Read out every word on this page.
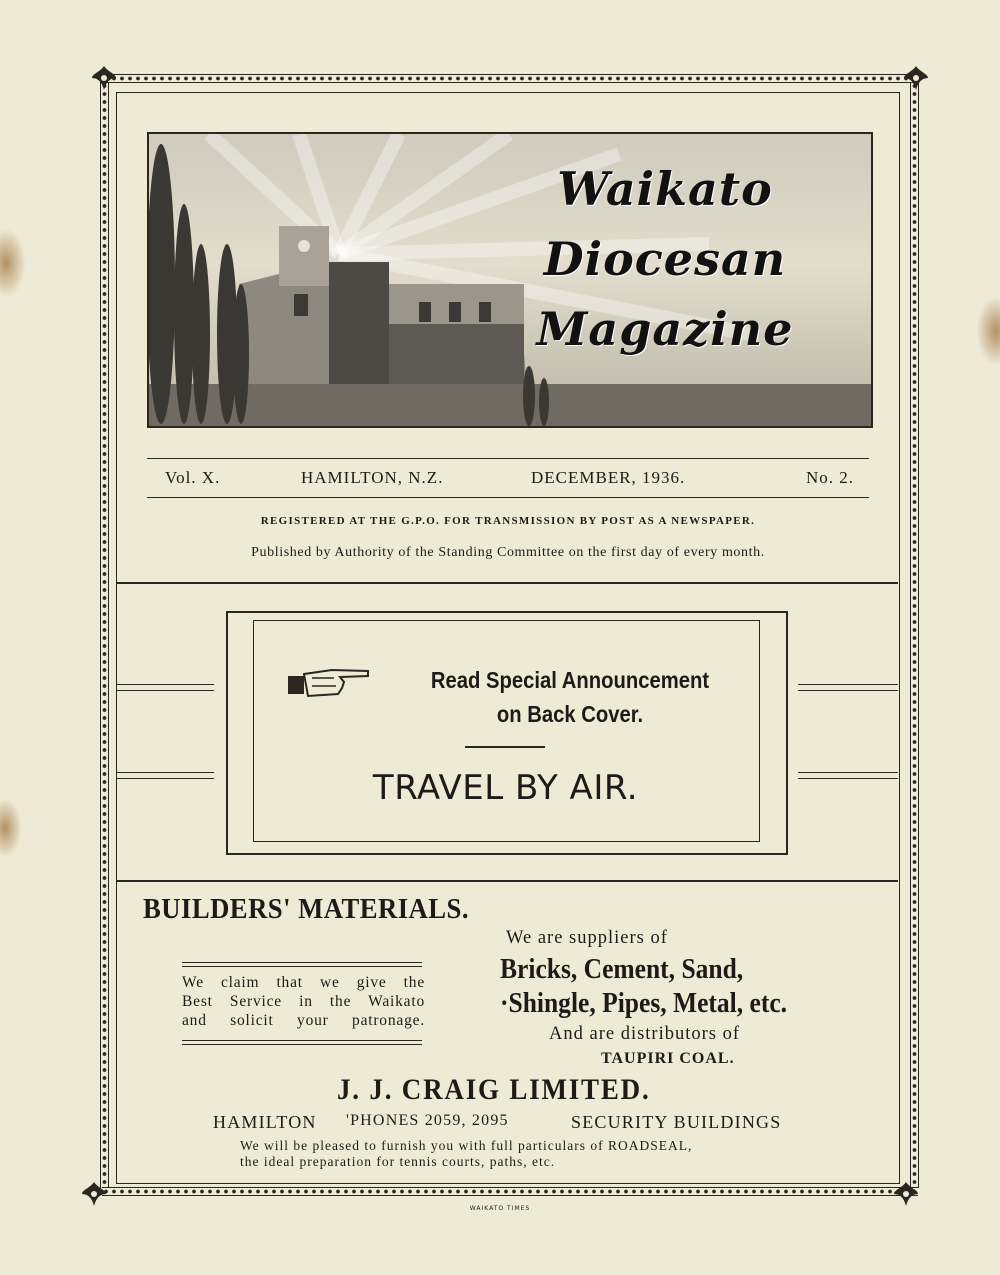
Waikato
Diocesan
Magazine
Vol. X.	HAMILTON, N.Z.	DECEMBER, 1936.	No. 2.
REGISTERED AT THE G.P.O. FOR TRANSMISSION BY POST AS A NEWSPAPER.
Published by Authority of the Standing Committee on the first day of every month.
Read Special Announcement
on Back Cover.
TRAVEL BY AIR.
BUILDERS' MATERIALS.
We claim that we give the
Best Service in the Waikato
and solicit your patronage.
We are suppliers of
Bricks, Cement, Sand,
·Shingle, Pipes, Metal, etc.
And are distributors of
TAUPIRI COAL.
J. J. CRAIG LIMITED.
HAMILTON 'PHONES 2059, 2095	SECURITY BUILDINGS
We will be pleased to furnish you with full particulars of ROADSEAL,
the ideal preparation for tennis courts, paths, etc.
WAIKATO TIMES
